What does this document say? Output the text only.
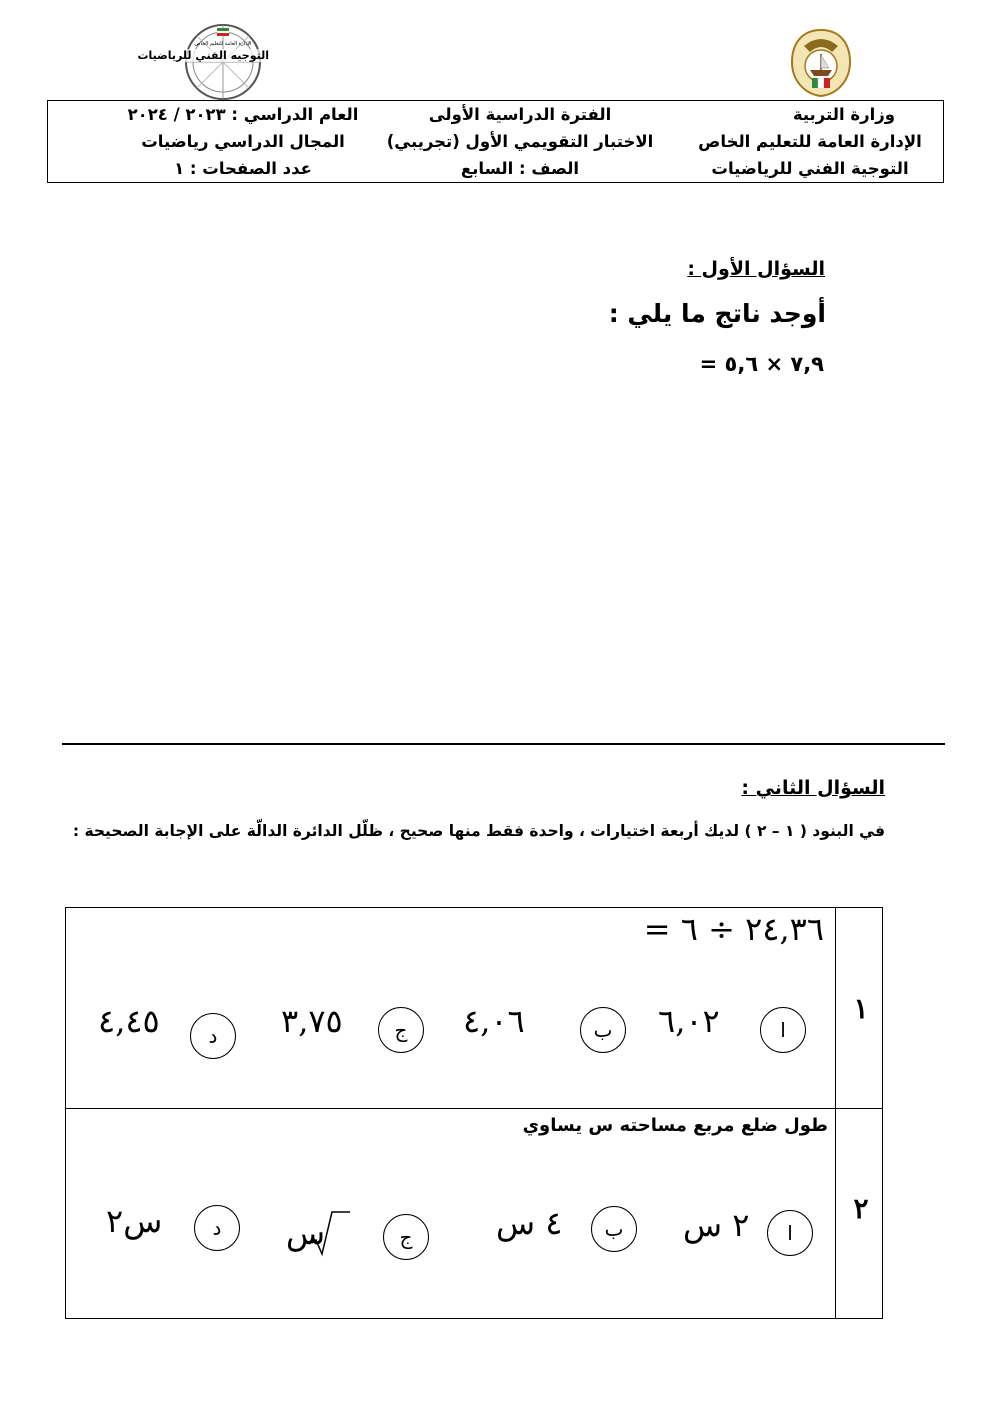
الإدارة العامة للتعليم الخاص
التوجيه الفني للرياضيات
وزارة التربية
الإدارة العامة للتعليم الخاص
التوجية الفني للرياضيات
الفترة الدراسية الأولى
الاختبار التقويمي الأول (تجريبي)
الصف : السابع
العام الدراسي : ٢٠٢٣ / ٢٠٢٤
المجال الدراسي رياضيات
عدد الصفحات : ١
السؤال الأول :
أوجد ناتج ما يلي :
٧,٩ × ٥,٦ =
السؤال الثاني :
في البنود ( ١ – ٢ ) لديك أربعة اختيارات ، واحدة فقط منها صحيح ، ظلّل الدائرة الدالّة على الإجابة الصحيحة :
١
٢٤,٣٦ ÷ ٦ =
ا
٦,٠٢
ب
٤,٠٦
ج
٣,٧٥
د
٤,٤٥
٢
طول ضلع مربع مساحته س يساوي
ا
٢ س
ب
٤ س
ج
س
د
س٢
